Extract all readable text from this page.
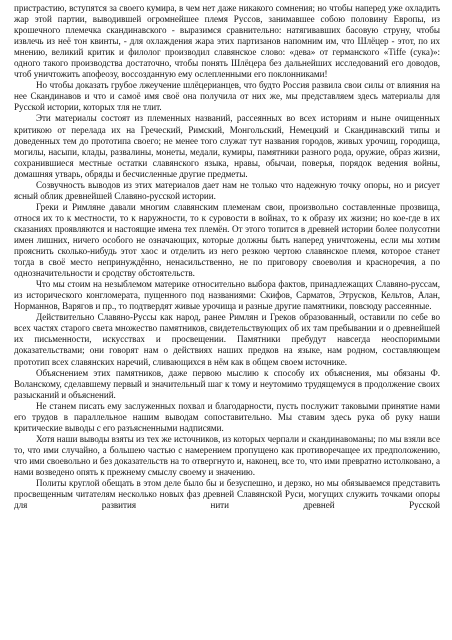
пристрастию, вступятся за своего кумира, в чем нет даже никакого сомнения; но чтобы наперед уже охладить жар этой партии, выводившей огромнейшее племя Руссов, занимавшее собою половину Европы, из крошечного племечка скандинавского - выразимся сравнительно: натягивавших басовую струну, чтобы извлечь из неё тон квинты, - для охлаждения жара этих партизанов напомним им, что Шлёцер - этот, по их мнению, великий критик и филолог производил славянское слово: «дева» от германского «Tiffe (сука)»: одного такого производства достаточно, чтобы понять Шлёцера без дальнейших исследований его доводов, чтоб уничтожить апофеозу, воссозданную ему ослепленными его поклонниками!

Но чтобы доказать грубое лжеучение шлёцерианцев, что будто Россия развила свои силы от влияния на нее Скандинавов и что и самоё имя своё она получила от них же, мы представляем здесь материалы для Русской истории, которых тля не тлит.

Эти материалы состоят из племенных названий, рассеянных во всех историям и ныне очищенных критикою от перелада их на Греческий, Римский, Монгольский, Немецкий и Скандинавский типы и доведенных тем до прототипа своего; не менее того служат тут названия городов, живых урочищ, городища, могилы, насыпи, клады, развалины, монеты, медали, кумиры, памятники разного рода, оружие, образ жизни, сохранившиеся местные остатки славянского языка, нравы, обычаи, поверья, порядок ведения войны, домашняя утварь, обряды и бесчисленные другие предметы.

Созвучность выводов из этих материалов дает нам не только что надежную точку опоры, но и рисует ясный облик древнейшей Славяно-русской истории.

Греки и Римляне давали многим славянским племенам свои, произвольно составленные прозвища, относя их то к местности, то к наружности, то к суровости в войнах, то к образу их жизни; но кое-где в их сказаниях проявляются и настоящие имена тех племён. От этого топится в древней истории более полусотни имен лишних, ничего особого не означающих, которые должны быть наперед уничтожены, если мы хотим прояснить сколько-нибудь этот хаос и отделить из него резкою чертою славянское племя, которое станет тогда в своё место непринуждённо, ненасильственно, не по приговору своеволия и красноречия, а по однозначительности и сродству обстоятельств.

Что мы стоим на незыблемом материке относительно выбора фактов, принадлежащих Славяно-руссам, из исторического конгломерата, пущенного под названиями: Скифов, Сарматов, Этрусков, Кельтов, Алан, Норманнов, Варягов и пр., то подтвердят живые урочища и разные другие памятники, повсюду рассеянные.

Действительно Славяно-Руссы как народ, ранее Римлян и Греков образованный, оставили по себе во всех частях старого света множество памятников, свидетельствующих об их там пребывании и о древнейшей их письменности, искусствах и просвещении. Памятники пребудут навсегда неоспоримыми доказательствами; они говорят нам о действиях наших предков на языке, нам родном, составляющем прототип всех славянских наречий, сливающихся в нём как в общем своем источнике.

Объяснением этих памятников, даже первою мыслию к способу их объяснения, мы обязаны Ф. Воланскому, сделавшему первый и значительный шаг к тому и неутомимо трудящемуся в продолжение своих разысканий и объяснений.

Не станем писать ему заслуженных похвал и благодарности, пусть послужит таковыми принятие нами его трудов в параллельное нашим выводам сопоставительно. Мы ставим здесь рука об руку наши критические выводы с его разъясненными надписями.

Хотя наши выводы взяты из тех же источников, из которых черпали и скандинавоманы; по мы взяли все то, что ими случайно, а большею частью с намерением пропущено как противоречащее их предположению, что ими своевольно и без доказательств на то отвергнуто и, наконец, все то, что ими превратно истолковано, а нами возведено опять к прежнему смыслу своему и значению.

Политы круглой обещать в этом деле было бы и безуспешно, и дерзко, но мы обязываемся представить просвещенным читателям несколько новых фаз древней Славянской Руси, могущих служить точками опоры для развития нити древней Русской
